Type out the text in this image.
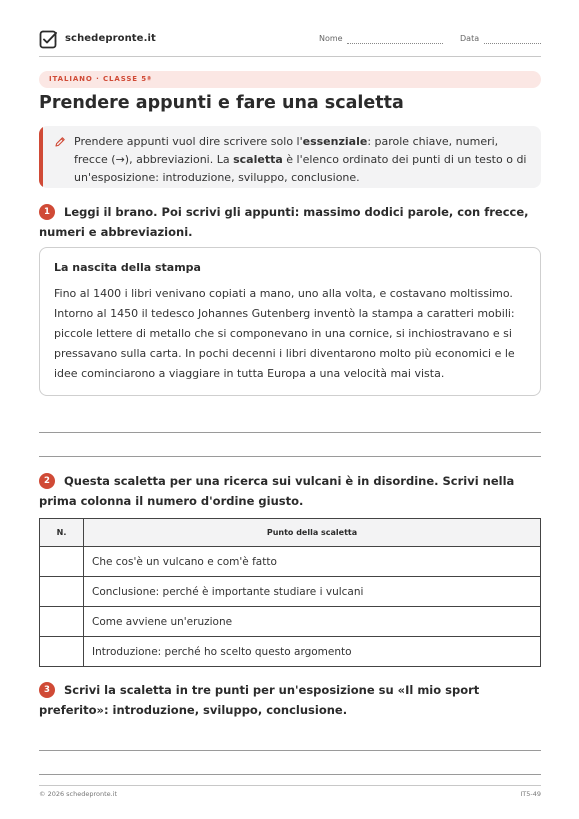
schedepronte.it	Nome	Data
ITALIANO · CLASSE 5ª
Prendere appunti e fare una scaletta

Prendere appunti vuol dire scrivere solo l'essenziale: parole chiave, numeri, frecce (→), abbreviazioni. La scaletta è l'elenco ordinato dei punti di un testo o di un'esposizione: introduzione, sviluppo, conclusione.

1	Leggi il brano. Poi scrivi gli appunti: massimo dodici parole, con frecce, numeri e abbreviazioni.

La nascita della stampa

Fino al 1400 i libri venivano copiati a mano, uno alla volta, e costavano moltissimo. Intorno al 1450 il tedesco Johannes Gutenberg inventò la stampa a caratteri mobili: piccole lettere di metallo che si componevano in una cornice, si inchiostravano e si pressavano sulla carta. In pochi decenni i libri diventarono molto più economici e le idee cominciarono a viaggiare in tutta Europa a una velocità mai vista.

2	Questa scaletta per una ricerca sui vulcani è in disordine. Scrivi nella prima colonna il numero d'ordine giusto.

N.	Punto della scaletta
	Che cos'è un vulcano e com'è fatto
	Conclusione: perché è importante studiare i vulcani
	Come avviene un'eruzione
	Introduzione: perché ho scelto questo argomento
3	Scrivi la scaletta in tre punti per un'esposizione su «Il mio sport preferito»: introduzione, sviluppo, conclusione.

© 2026 schedepronte.it	IT5-49
